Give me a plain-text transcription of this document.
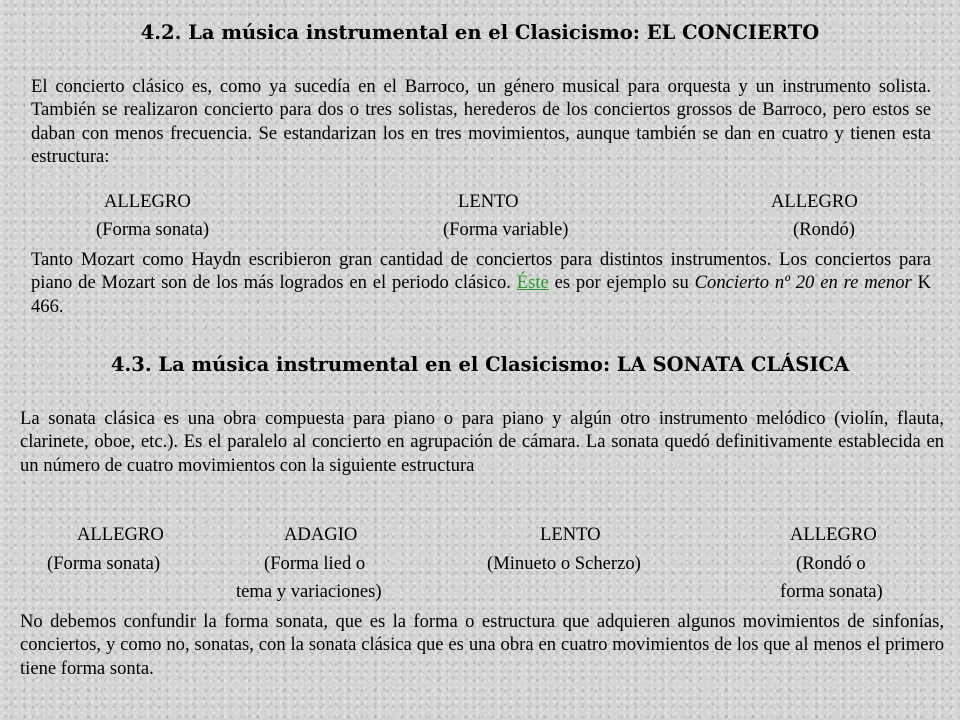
4.2. La música instrumental en el Clasicismo: EL CONCIERTO
El concierto clásico es, como ya sucedía en el Barroco, un género musical para orquesta y un instrumento solista. También se realizaron concierto para dos o tres solistas, herederos de los conciertos grossos de Barroco, pero estos se daban con menos frecuencia. Se estandarizan los en tres movimientos, aunque también se dan en cuatro y tienen esta estructura:
ALLEGRO
(Forma sonata)
LENTO
(Forma variable)
ALLEGRO
(Rondó)
Tanto Mozart como Haydn escribieron gran cantidad de conciertos para distintos instrumentos. Los conciertos para piano de Mozart son de los más logrados en el periodo clásico. Éste es por ejemplo su Concierto nº 20 en re menor K 466.
4.3. La música instrumental en el Clasicismo: LA SONATA CLÁSICA
La sonata clásica es una obra compuesta para piano o para piano y algún otro instrumento melódico (violín, flauta, clarinete, oboe, etc.). Es el paralelo al concierto en agrupación de cámara. La sonata quedó definitivamente establecida en un número de cuatro movimientos con la siguiente estructura
ALLEGRO
(Forma sonata)
ADAGIO
(Forma lied o
tema y variaciones)
LENTO
(Minueto o Scherzo)
ALLEGRO
(Rondó o
forma sonata)
No debemos confundir la forma sonata, que es la forma o estructura que adquieren algunos movimientos de sinfonías, conciertos, y como no, sonatas, con la sonata clásica que es una obra en cuatro movimientos de los que al menos el primero tiene forma sonta.
